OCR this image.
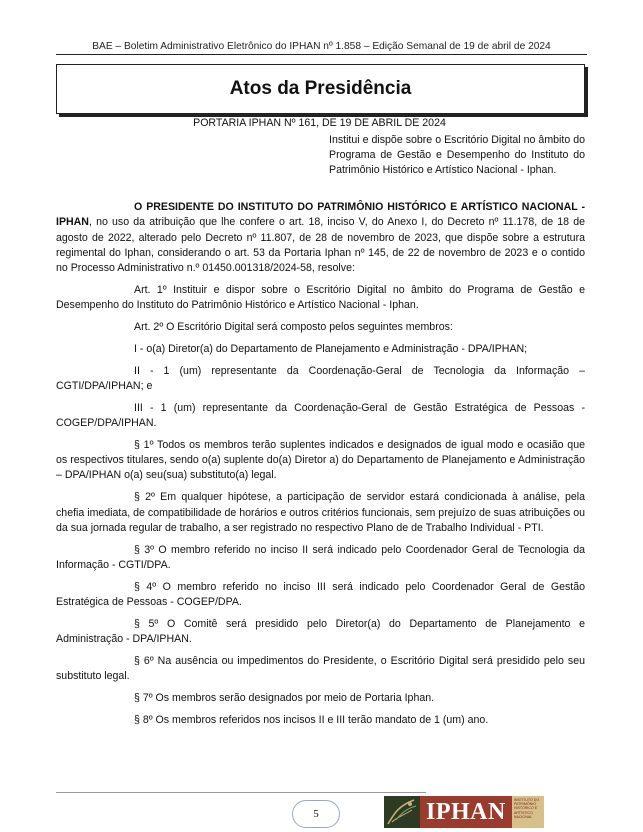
BAE – Boletim Administrativo Eletrônico do IPHAN nº 1.858 – Edição Semanal de 19 de abril de 2024
Atos da Presidência
PORTARIA IPHAN Nº 161, DE 19 DE ABRIL DE 2024
Institui e dispõe sobre o Escritório Digital no âmbito do Programa de Gestão e Desempenho do Instituto do Patrimônio Histórico e Artístico Nacional - Iphan.

O PRESIDENTE DO INSTITUTO DO PATRIMÔNIO HISTÓRICO E ARTÍSTICO NACIONAL - IPHAN, no uso da atribuição que lhe confere o art. 18, inciso V, do Anexo I, do Decreto nº 11.178, de 18 de agosto de 2022, alterado pelo Decreto nº 11.807, de 28 de novembro de 2023, que dispõe sobre a estrutura regimental do Iphan, considerando o art. 53 da Portaria Iphan nº 145, de 22 de novembro de 2023 e o contido no Processo Administrativo n.º 01450.001318/2024-58, resolve:

Art. 1º Instituir e dispor sobre o Escritório Digital no âmbito do Programa de Gestão e Desempenho do Instituto do Patrimônio Histórico e Artístico Nacional - Iphan.

Art. 2º O Escritório Digital será composto pelos seguintes membros:

I - o(a) Diretor(a) do Departamento de Planejamento e Administração - DPA/IPHAN;

II - 1 (um) representante da Coordenação-Geral de Tecnologia da Informação – CGTI/DPA/IPHAN; e

III - 1 (um) representante da Coordenação-Geral de Gestão Estratégica de Pessoas - COGEP/DPA/IPHAN.

§ 1º Todos os membros terão suplentes indicados e designados de igual modo e ocasião que os respectivos titulares, sendo o(a) suplente do(a) Diretor a) do Departamento de Planejamento e Administração – DPA/IPHAN o(a) seu(sua) substituto(a) legal.

§ 2º Em qualquer hipótese, a participação de servidor estará condicionada à análise, pela chefia imediata, de compatibilidade de horários e outros critérios funcionais, sem prejuízo de suas atribuições ou da sua jornada regular de trabalho, a ser registrado no respectivo Plano de de Trabalho Individual - PTI.

§ 3º O membro referido no inciso II será indicado pelo Coordenador Geral de Tecnologia da Informação - CGTI/DPA.

§ 4º O membro referido no inciso III será indicado pelo Coordenador Geral de Gestão Estratégica de Pessoas - COGEP/DPA.

§ 5º O Comitê será presidido pelo Diretor(a) do Departamento de Planejamento e Administração - DPA/IPHAN.

§ 6º Na ausência ou impedimentos do Presidente, o Escritório Digital será presidido pelo seu substituto legal.

§ 7º Os membros serão designados por meio de Portaria Iphan.

§ 8º Os membros referidos nos incisos II e III terão mandato de 1 (um) ano.

5	IPHAN	INSTITUTO DO PATRIMÔNIO HISTÓRICO E ARTÍSTICO NACIONAL
